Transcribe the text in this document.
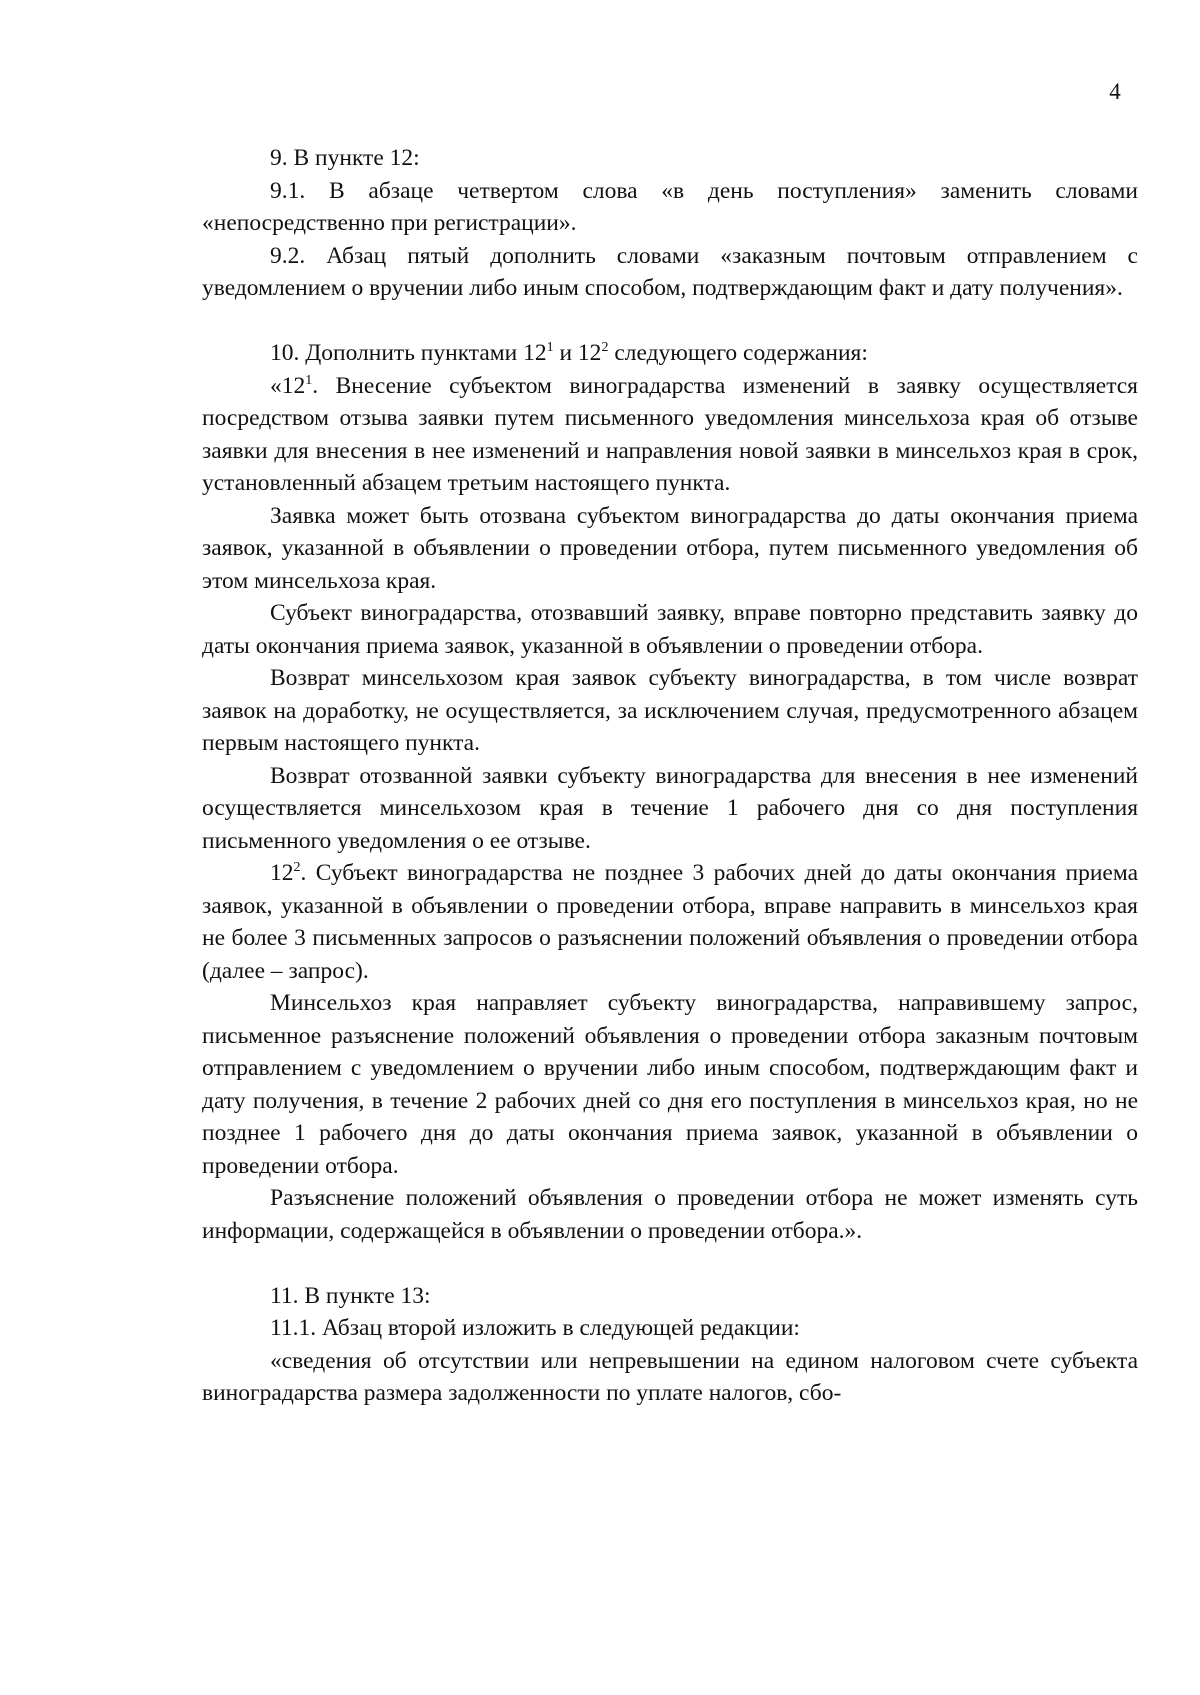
4

9. В пункте 12:

9.1. В абзаце четвертом слова «в день поступления» заменить словами «непосредственно при регистрации».

9.2. Абзац пятый дополнить словами «заказным почтовым отправлением с уведомлением о вручении либо иным способом, подтверждающим факт и дату получения».

10. Дополнить пунктами $12^1$ и $12^2$ следующего содержания:

«$12^1$. Внесение субъектом виноградарства изменений в заявку осуществляется посредством отзыва заявки путем письменного уведомления минсельхоза края об отзыве заявки для внесения в нее изменений и направления новой заявки в минсельхоз края в срок, установленный абзацем третьим настоящего пункта.

Заявка может быть отозвана субъектом виноградарства до даты окончания приема заявок, указанной в объявлении о проведении отбора, путем письменного уведомления об этом минсельхоза края.

Субъект виноградарства, отозвавший заявку, вправе повторно представить заявку до даты окончания приема заявок, указанной в объявлении о проведении отбора.

Возврат минсельхозом края заявок субъекту виноградарства, в том числе возврат заявок на доработку, не осуществляется, за исключением случая, предусмотренного абзацем первым настоящего пункта.

Возврат отозванной заявки субъекту виноградарства для внесения в нее изменений осуществляется минсельхозом края в течение 1 рабочего дня со дня поступления письменного уведомления о ее отзыве.

$12^2$. Субъект виноградарства не позднее 3 рабочих дней до даты окончания приема заявок, указанной в объявлении о проведении отбора, вправе направить в минсельхоз края не более 3 письменных запросов о разъяснении положений объявления о проведении отбора (далее – запрос).

Минсельхоз края направляет субъекту виноградарства, направившему запрос, письменное разъяснение положений объявления о проведении отбора заказным почтовым отправлением с уведомлением о вручении либо иным способом, подтверждающим факт и дату получения, в течение 2 рабочих дней со дня его поступления в минсельхоз края, но не позднее 1 рабочего дня до даты окончания приема заявок, указанной в объявлении о проведении отбора.

Разъяснение положений объявления о проведении отбора не может изменять суть информации, содержащейся в объявлении о проведении отбора.».

11. В пункте 13:

11.1. Абзац второй изложить в следующей редакции:

«сведения об отсутствии или непревышении на едином налоговом счете субъекта виноградарства размера задолженности по уплате налогов, сбо-
